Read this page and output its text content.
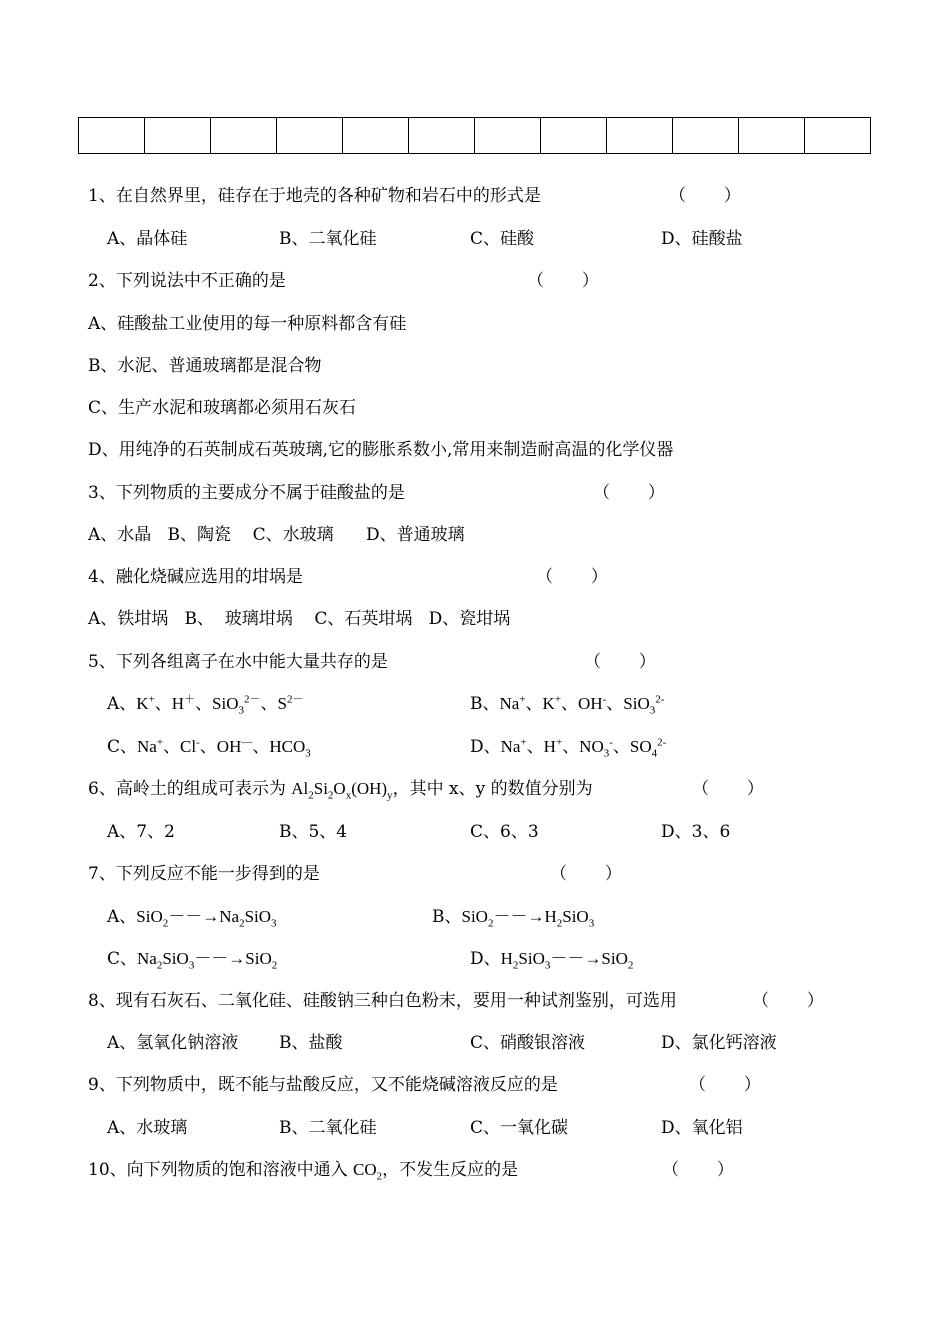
1、在自然界里，硅存在于地壳的各种矿物和岩石中的形式是	（       ）
A、晶体硅	B、二氧化硅	C、硅酸	D、硅酸盐
2、下列说法中不正确的是	（       ）
A、硅酸盐工业使用的每一种原料都含有硅
B、水泥、普通玻璃都是混合物
C、生产水泥和玻璃都必须用石灰石
D、用纯净的石英制成石英玻璃,它的膨胀系数小,常用来制造耐高温的化学仪器
3、下列物质的主要成分不属于硅酸盐的是	（       ）
A、水晶   B、陶瓷    C、水玻璃      D、普通玻璃
4、融化烧碱应选用的坩埚是	（       ）
A、铁坩埚   B、  玻璃坩埚    C、石英坩埚   D、瓷坩埚
5、下列各组离子在水中能大量共存的是	（       ）
A、K+、H＋、SiO$_3^{2-}$、$S^{2-}$	B、Na+、K+、OH-、SiO$_3^{2-}$
C、Na+、Cl-、OH—、$HCO_3$	D、Na+、H+、$NO_3^-$、$SO_4^{2-}$
6、高岭土的组成可表示为 $Al_2Si_2O_x(OH)_y$，其中 x、y 的数值分别为	（       ）
A、7、2	B、5、4	C、6、3	D、3、6
7、下列反应不能一步得到的是	（       ）
A、$SiO_2--\to Na_2SiO_3$	B、$SiO_2--\to H_2SiO_3$
C、$Na_2SiO_3--\to SiO_2$	D、$H_2SiO_3--\to SiO_2$
8、现有石灰石、二氧化硅、硅酸钠三种白色粉末，要用一种试剂鉴别，可选用	（       ）
A、氢氧化钠溶液 B、盐酸	C、硝酸银溶液	D、氯化钙溶液
9、下列物质中，既不能与盐酸反应，又不能烧碱溶液反应的是	（       ）
A、水玻璃	B、二氧化硅	C、一氧化碳	D、氧化铝
10、向下列物质的饱和溶液中通入 $CO_2$，不发生反应的是	（       ）
